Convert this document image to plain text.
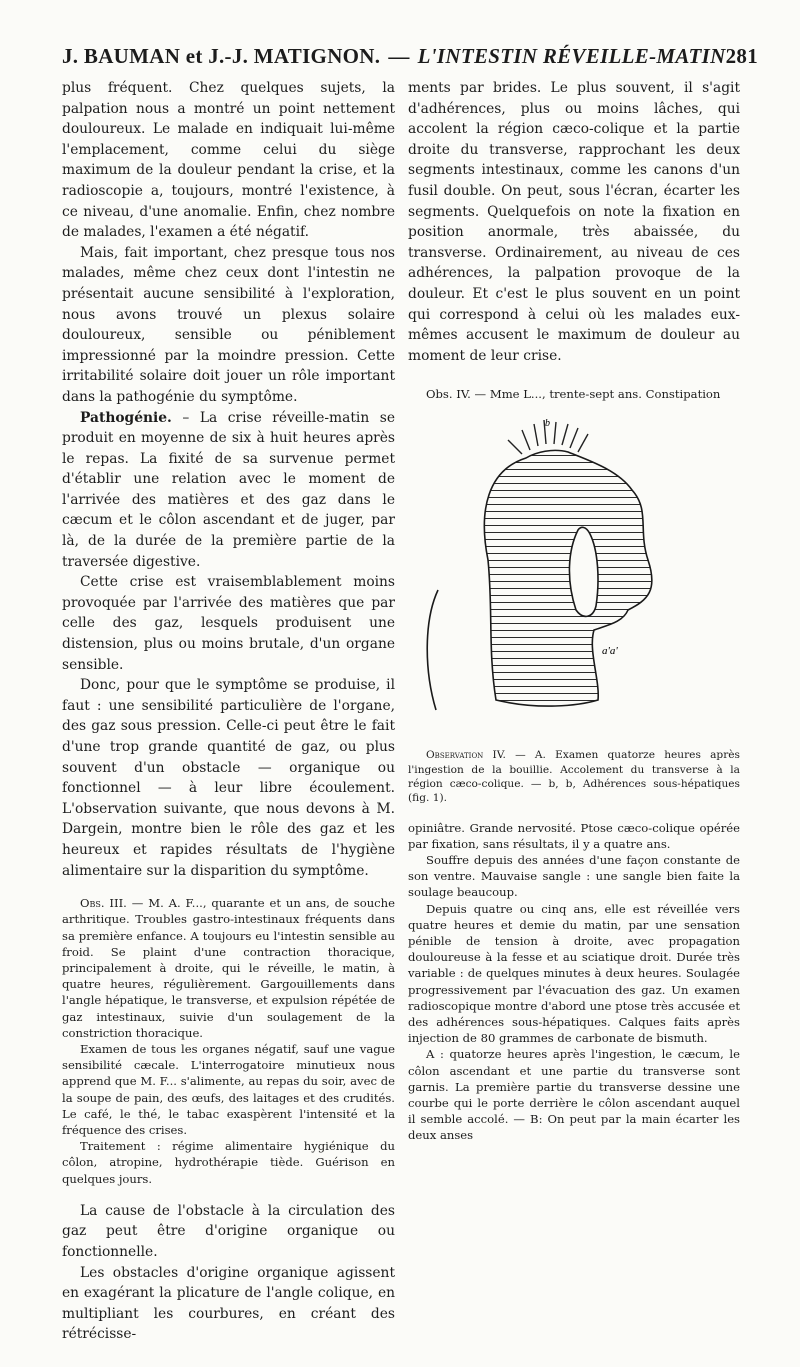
J. BAUMAN et J.-J. MATIGNON. — L'INTESTIN RÉVEILLE-MATIN 281

plus fréquent. Chez quelques sujets, la palpation nous a montré un point nettement douloureux. Le malade en indiquait lui-même l'emplacement, comme celui du siège maximum de la douleur pendant la crise, et la radioscopie a, toujours, montré l'existence, à ce niveau, d'une anomalie. Enfin, chez nombre de malades, l'examen a été négatif.

Mais, fait important, chez presque tous nos malades, même chez ceux dont l'intestin ne présentait aucune sensibilité à l'exploration, nous avons trouvé un plexus solaire douloureux, sensible ou péniblement impressionné par la moindre pression. Cette irritabilité solaire doit jouer un rôle important dans la pathogénie du symptôme.

Pathogénie. – La crise réveille-matin se produit en moyenne de six à huit heures après le repas. La fixité de sa survenue permet d'établir une relation avec le moment de l'arrivée des matières et des gaz dans le cæcum et le côlon ascendant et de juger, par là, de la durée de la première partie de la traversée digestive.

Cette crise est vraisemblablement moins provoquée par l'arrivée des matières que par celle des gaz, lesquels produisent une distension, plus ou moins brutale, d'un organe sensible.

Donc, pour que le symptôme se produise, il faut : une sensibilité particulière de l'organe, des gaz sous pression. Celle-ci peut être le fait d'une trop grande quantité de gaz, ou plus souvent d'un obstacle — organique ou fonctionnel — à leur libre écoulement. L'observation suivante, que nous devons à M. Dargein, montre bien le rôle des gaz et les heureux et rapides résultats de l'hygiène alimentaire sur la disparition du symptôme.

Obs. III. — M. A. F..., quarante et un ans, de souche arthritique. Troubles gastro-intestinaux fréquents dans sa première enfance. A toujours eu l'intestin sensible au froid. Se plaint d'une contraction thoracique, principalement à droite, qui le réveille, le matin, à quatre heures, régulièrement. Gargouillements dans l'angle hépatique, le transverse, et expulsion répétée de gaz intestinaux, suivie d'un soulagement de la constriction thoracique.

Examen de tous les organes négatif, sauf une vague sensibilité cæcale. L'interrogatoire minutieux nous apprend que M. F... s'alimente, au repas du soir, avec de la soupe de pain, des œufs, des laitages et des crudités. Le café, le thé, le tabac exaspèrent l'intensité et la fréquence des crises.

Traitement : régime alimentaire hygiénique du côlon, atropine, hydrothérapie tiède. Guérison en quelques jours.

La cause de l'obstacle à la circulation des gaz peut être d'origine organique ou fonctionnelle.

Les obstacles d'origine organique agissent en exagérant la plicature de l'angle colique, en multipliant les courbures, en créant des rétrécisse-

ments par brides. Le plus souvent, il s'agit d'adhérences, plus ou moins lâches, qui accolent la région cæco-colique et la partie droite du transverse, rapprochant les deux segments intestinaux, comme les canons d'un fusil double. On peut, sous l'écran, écarter les segments. Quelquefois on note la fixation en position anormale, très abaissée, du transverse. Ordinairement, au niveau de ces adhérences, la palpation provoque de la douleur. Et c'est le plus souvent en un point qui correspond à celui où les malades eux-mêmes accusent le maximum de douleur au moment de leur crise.

Obs. IV. — Mme L..., trente-sept ans. Constipation

b
a'a'

Observation IV. — A. Examen quatorze heures après l'ingestion de la bouillie. Accolement du transverse à la région cæco-colique. — b, b, Adhérences sous-hépatiques (fig. 1).

opiniâtre. Grande nervosité. Ptose cæco-colique opérée par fixation, sans résultats, il y a quatre ans.

Souffre depuis des années d'une façon constante de son ventre. Mauvaise sangle : une sangle bien faite la soulage beaucoup.

Depuis quatre ou cinq ans, elle est réveillée vers quatre heures et demie du matin, par une sensation pénible de tension à droite, avec propagation douloureuse à la fesse et au sciatique droit. Durée très variable : de quelques minutes à deux heures. Soulagée progressivement par l'évacuation des gaz. Un examen radioscopique montre d'abord une ptose très accusée et des adhérences sous-hépatiques. Calques faits après injection de 80 grammes de carbonate de bismuth.

A : quatorze heures après l'ingestion, le cæcum, le côlon ascendant et une partie du transverse sont garnis. La première partie du transverse dessine une courbe qui le porte derrière le côlon ascendant auquel il semble accolé. — B: On peut par la main écarter les deux anses
